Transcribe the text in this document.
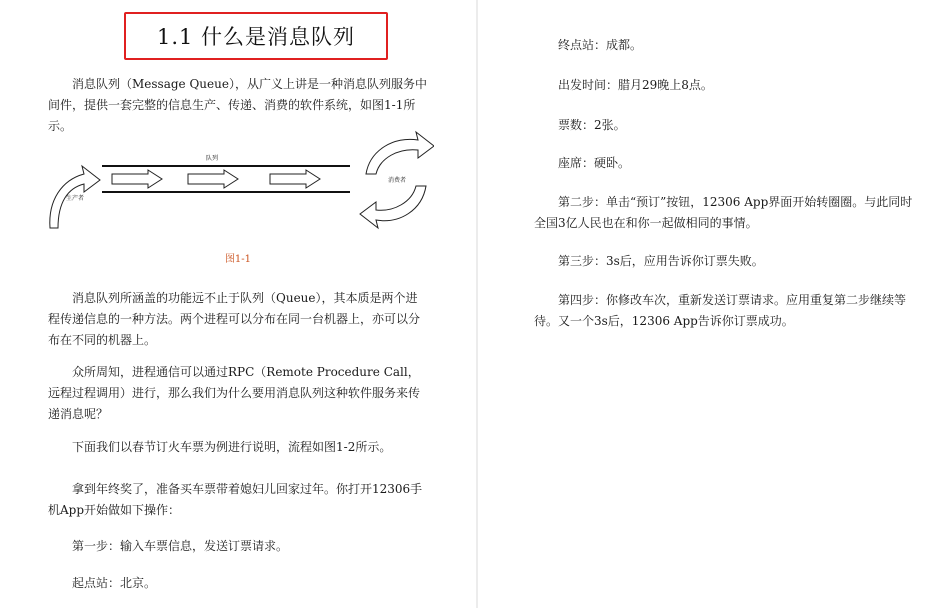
1.1 什么是消息队列

消息队列（Message Queue），从广义上讲是一种消息队列服务中间件，提供一套完整的信息生产、传递、消费的软件系统，如图1-1所示。

生产者
队列
消费者
图1-1

消息队列所涵盖的功能远不止于队列（Queue），其本质是两个进程传递信息的一种方法。两个进程可以分布在同一台机器上，亦可以分布在不同的机器上。

众所周知，进程通信可以通过RPC（Remote Procedure Call，远程过程调用）进行，那么我们为什么要用消息队列这种软件服务来传递消息呢？

下面我们以春节订火车票为例进行说明，流程如图1-2所示。

拿到年终奖了，准备买车票带着媳妇儿回家过年。你打开12306手机App开始做如下操作：

第一步：输入车票信息，发送订票请求。

起点站：北京。

终点站：成都。

出发时间：腊月29晚上8点。

票数：2张。

座席：硬卧。

第二步：单击“预订”按钮，12306 App界面开始转圈圈。与此同时全国3亿人民也在和你一起做相同的事情。

第三步：3s后，应用告诉你订票失败。

第四步：你修改车次，重新发送订票请求。应用重复第二步继续等待。又一个3s后，12306 App告诉你订票成功。
